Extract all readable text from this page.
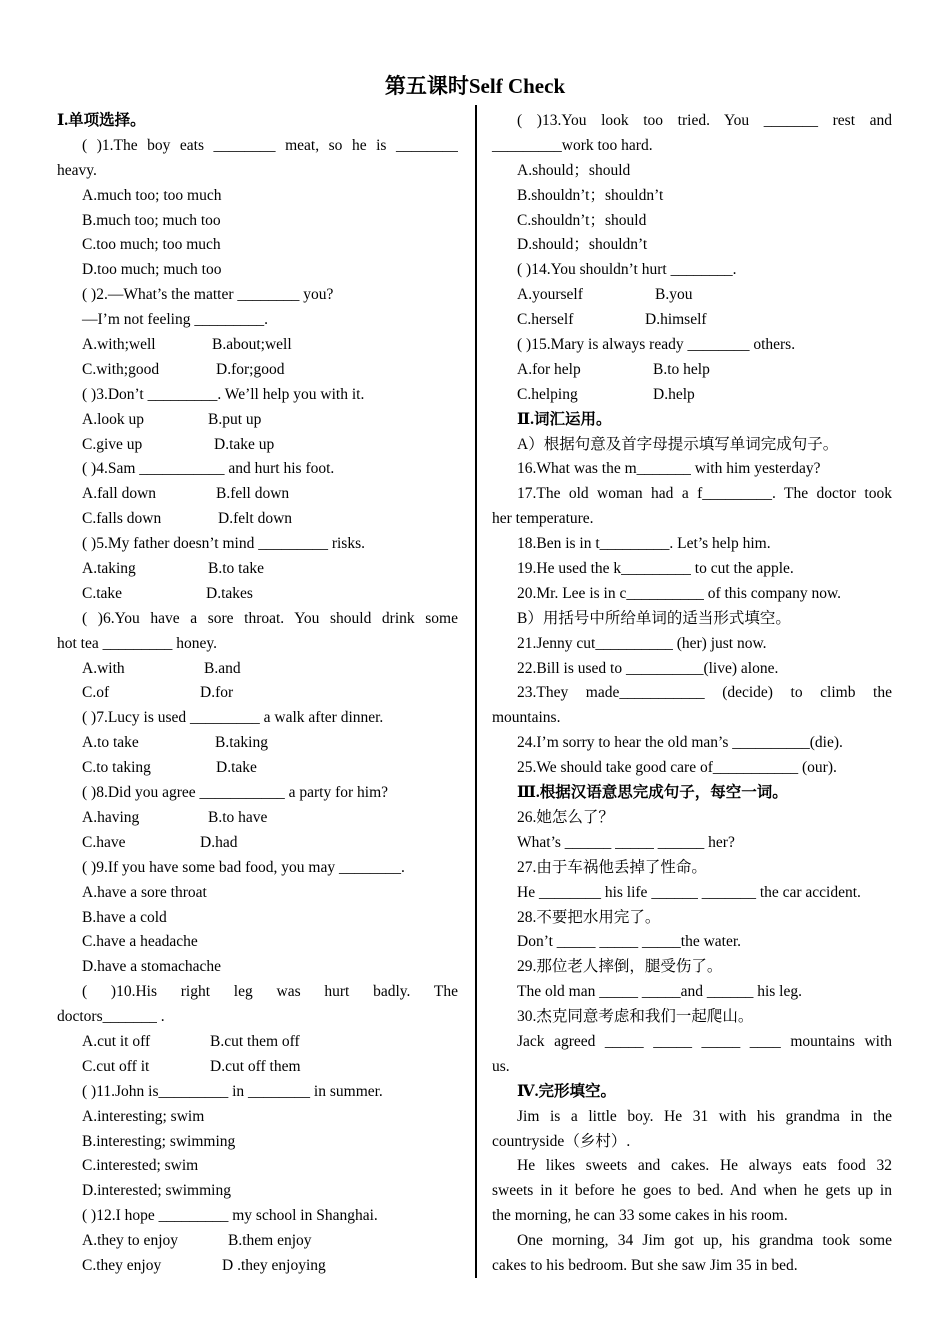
第五课时Self Check
Ⅰ.单项选择。
( )1.The boy eats ________ meat, so he is ________
heavy.
A.much too; too much
B.much too; much too
C.too much; too much
D.too much; much too
( )2.—What’s the matter ________ you?
—I’m not feeling _________.
A.with;well	B.about;well
C.with;good	D.for;good
( )3.Don’t _________. We’ll help you with it.
A.look up	B.put up
C.give up	D.take up
( )4.Sam ___________ and hurt his foot.
A.fall down	B.fell down
C.falls down	D.felt down
( )5.My father doesn’t mind _________ risks.
A.taking	B.to take
C.take	D.takes
( )6.You have a sore throat. You should drink some
hot tea _________ honey.
A.with	B.and
C.of	D.for
( )7.Lucy is used _________ a walk after dinner.
A.to take	B.taking
C.to taking	D.take
( )8.Did you agree ___________ a party for him?
A.having	B.to have
C.have	D.had
( )9.If you have some bad food, you may ________.
A.have a sore throat
B.have a cold
C.have a headache
D.have a stomachache
( )10.His right leg was hurt badly. The
doctors_______ .
A.cut it off	B.cut them off
C.cut off it	D.cut off them
( )11.John is_________ in ________ in summer.
A.interesting; swim
B.interesting; swimming
C.interested; swim
D.interested; swimming
( )12.I hope _________ my school in Shanghai.
A.they to enjoy	B.them enjoy
C.they enjoy	D .they enjoying
( )13.You look too tried. You _______ rest and
_________work too hard.
A.should；should
B.shouldn’t；shouldn’t
C.shouldn’t；should
D.should；shouldn’t
( )14.You shouldn’t hurt ________.
A.yourself	B.you
C.herself	D.himself
( )15.Mary is always ready ________ others.
A.for help	B.to help
C.helping	D.help
Ⅱ.词汇运用。
A）根据句意及首字母提示填写单词完成句子。
16.What was the m_______ with him yesterday?
17.The old woman had a f_________. The doctor took
her temperature.
18.Ben is in t_________. Let’s help him.
19.He used the k_________ to cut the apple.
20.Mr. Lee is in c__________ of this company now.
B）用括号中所给单词的适当形式填空。
21.Jenny cut__________ (her) just now.
22.Bill is used to __________(live) alone.
23.They made___________ (decide) to climb the
mountains.
24.I’m sorry to hear the old man’s __________(die).
25.We should take good care of___________ (our).
Ⅲ.根据汉语意思完成句子，每空一词。
26.她怎么了？
What’s ______ _____ ______ her?
27.由于车祸他丢掉了性命。
He ________ his life ______ _______ the car accident.
28.不要把水用完了。
Don’t _____ _____ _____the water.
29.那位老人摔倒，腿受伤了。
The old man _____ _____and ______ his leg.
30.杰克同意考虑和我们一起爬山。
Jack agreed _____ _____ _____ ____ mountains with
us.
Ⅳ.完形填空。
Jim is a little boy. He 31 with his grandma in the
countryside（乡村）.
He likes sweets and cakes. He always eats food 32
sweets in it before he goes to bed. And when he gets up in
the morning, he can 33 some cakes in his room.
One morning, 34 Jim got up, his grandma took some
cakes to his bedroom. But she saw Jim 35 in bed.
